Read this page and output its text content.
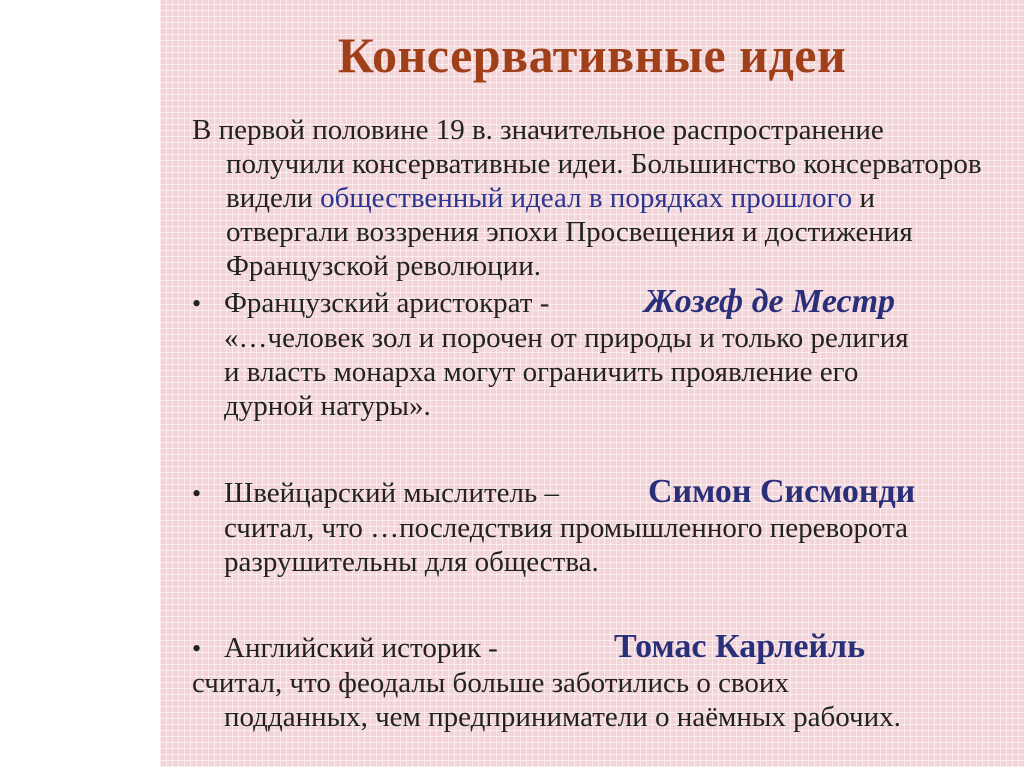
Консервативные идеи
В первой половине 19 в. значительное распространение получили консервативные идеи. Большинство консерваторов видели общественный идеал в порядках прошлого и отвергали воззрения эпохи Просвещения и достижения Французской революции.
• Французский аристократ -	Жозеф де Местр
«…человек зол и порочен от природы и только религия
и власть монарха могут ограничить проявление его
дурной натуры».
• Швейцарский мыслитель –	Симон Сисмонди
считал, что …последствия промышленного переворота
разрушительны для общества.
• Английский историк -	Томас Карлейль
считал, что феодалы больше заботились о своих
подданных, чем предприниматели о наёмных рабочих.
